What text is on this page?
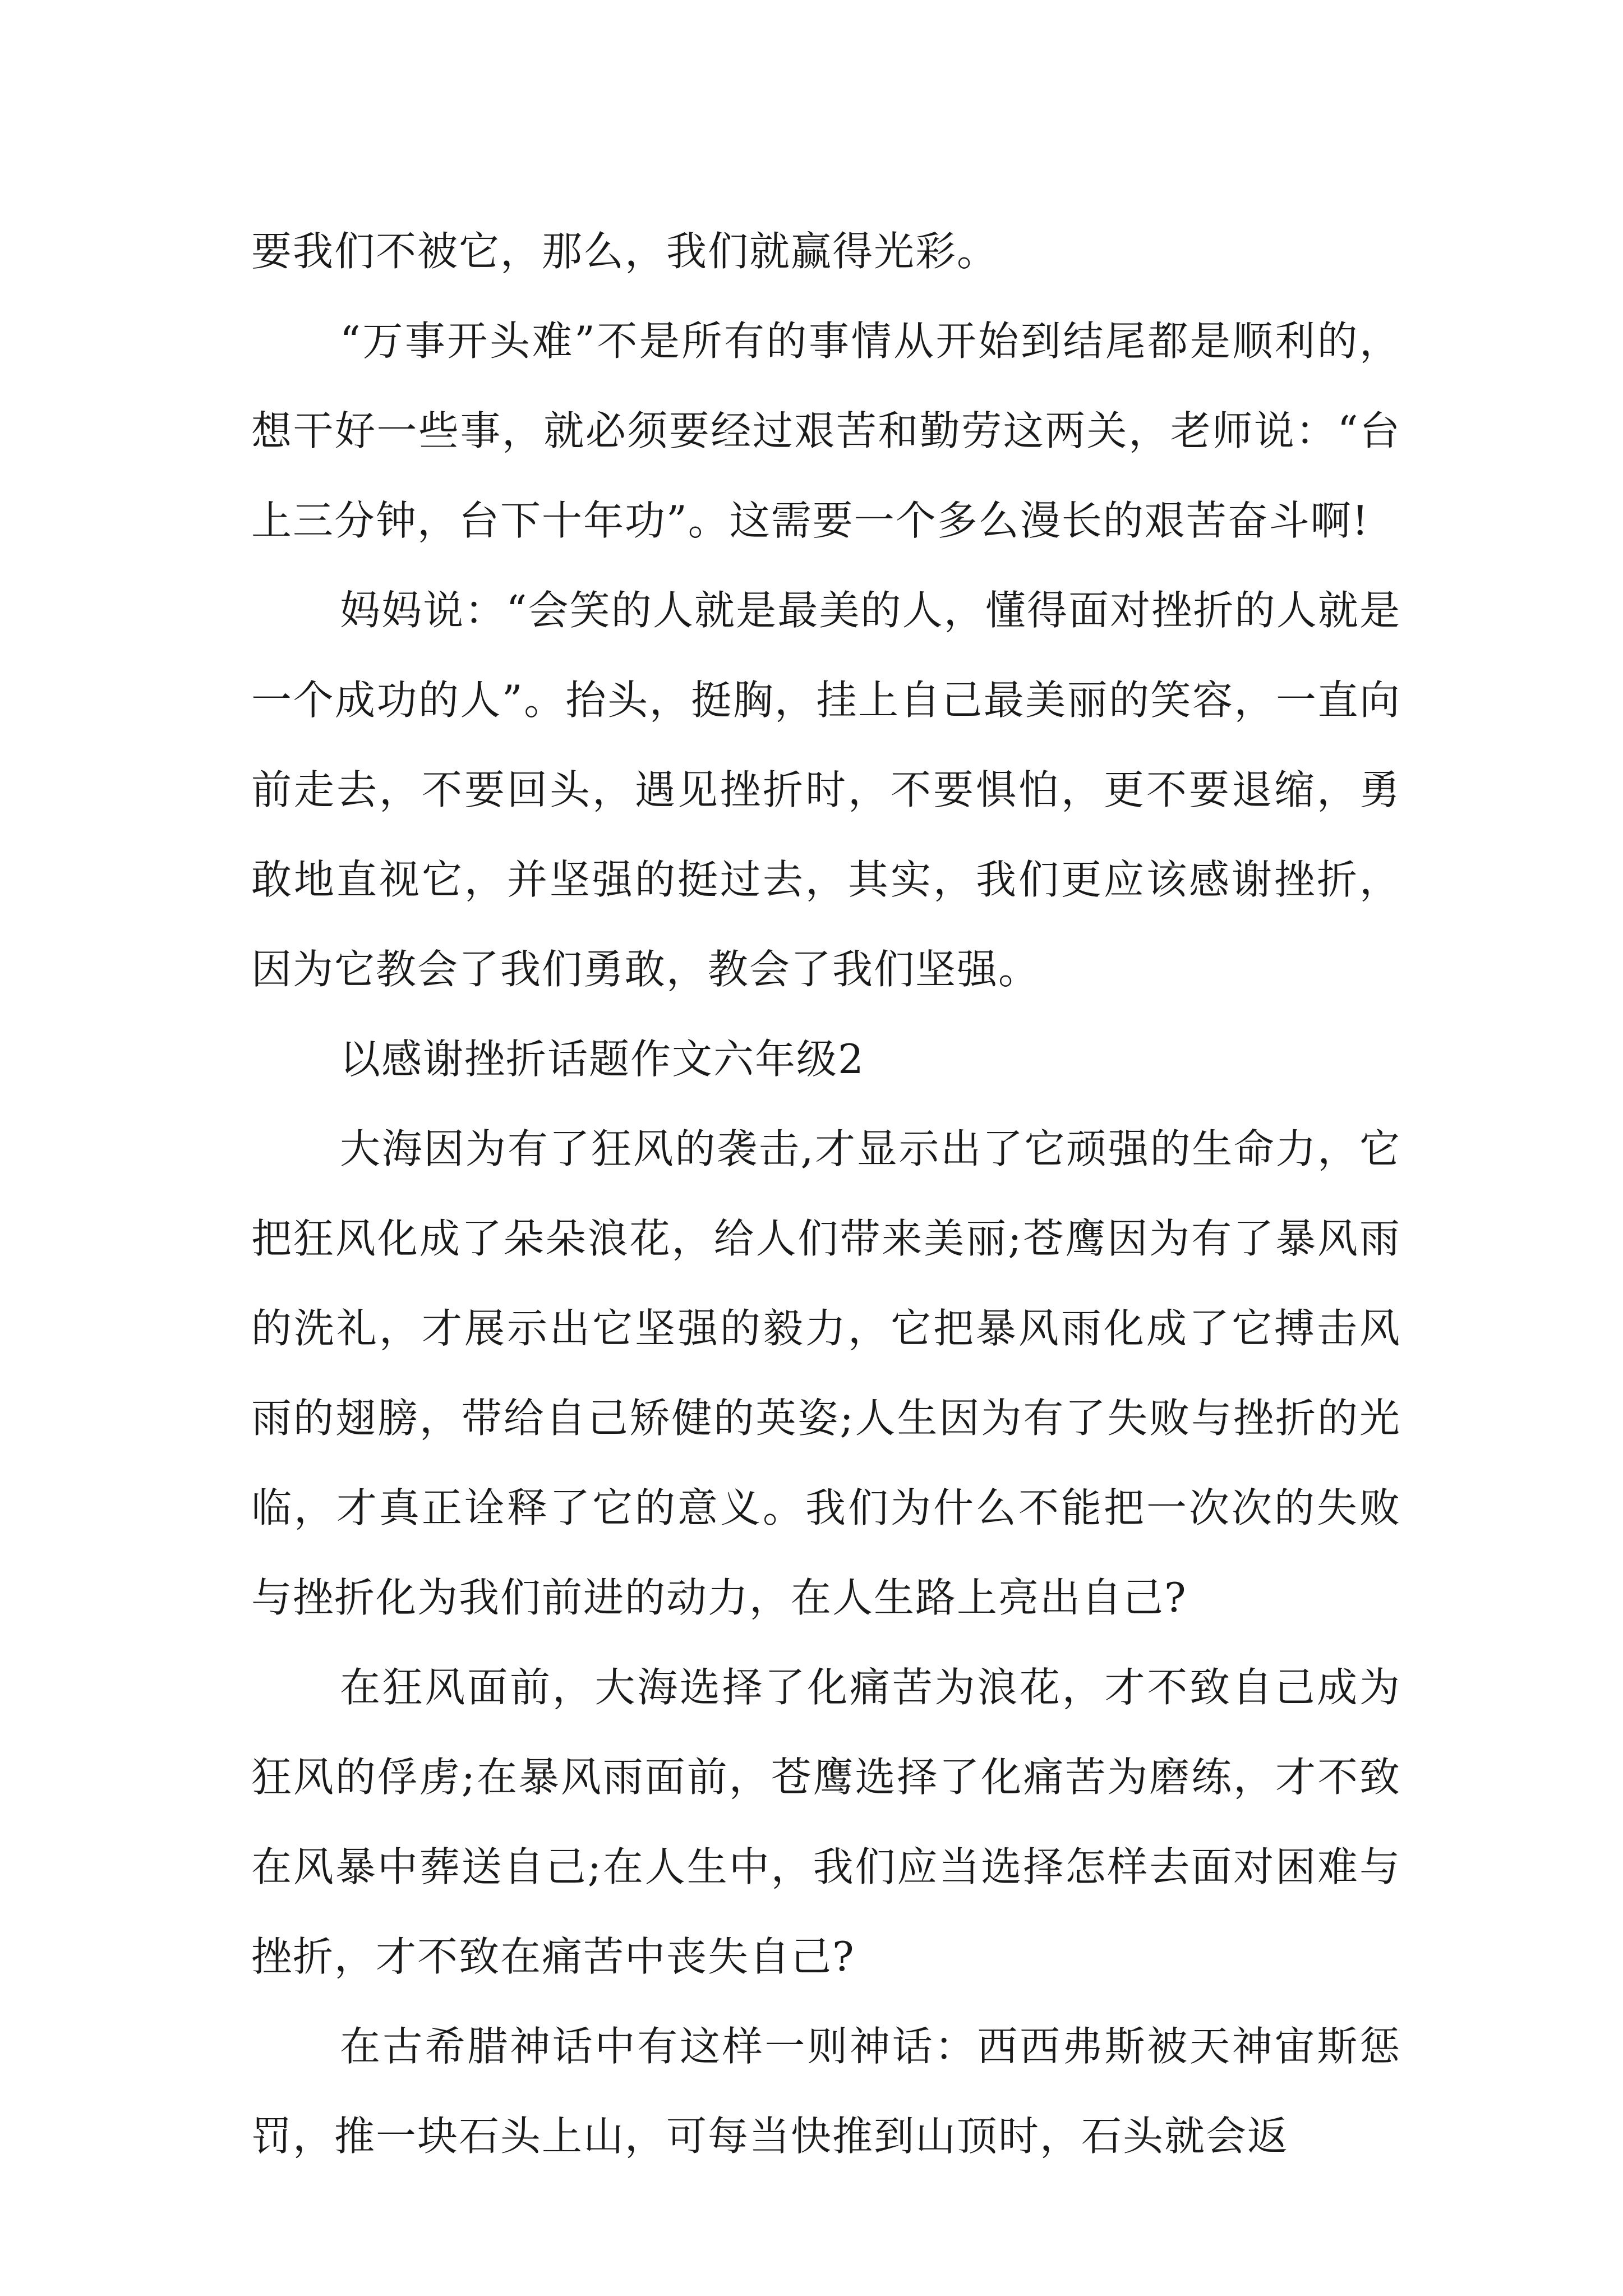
要我们不被它，那么，我们就赢得光彩。

“万事开头难”不是所有的事情从开始到结尾都是顺利的，想干好一些事，就必须要经过艰苦和勤劳这两关，老师说：“台上三分钟，台下十年功”。这需要一个多么漫长的艰苦奋斗啊!

妈妈说：“会笑的人就是最美的人，懂得面对挫折的人就是一个成功的人”。抬头，挺胸，挂上自己最美丽的笑容，一直向前走去，不要回头，遇见挫折时，不要惧怕，更不要退缩，勇敢地直视它，并坚强的挺过去，其实，我们更应该感谢挫折，因为它教会了我们勇敢，教会了我们坚强。

以感谢挫折话题作文六年级2

大海因为有了狂风的袭击,才显示出了它顽强的生命力，它把狂风化成了朵朵浪花，给人们带来美丽;苍鹰因为有了暴风雨的洗礼，才展示出它坚强的毅力，它把暴风雨化成了它搏击风雨的翅膀，带给自己矫健的英姿;人生因为有了失败与挫折的光临，才真正诠释了它的意义。我们为什么不能把一次次的失败与挫折化为我们前进的动力，在人生路上亮出自己?

在狂风面前，大海选择了化痛苦为浪花，才不致自己成为狂风的俘虏;在暴风雨面前，苍鹰选择了化痛苦为磨练，才不致在风暴中葬送自己;在人生中，我们应当选择怎样去面对困难与挫折，才不致在痛苦中丧失自己?

在古希腊神话中有这样一则神话：西西弗斯被天神宙斯惩罚，推一块石头上山，可每当快推到山顶时，石头就会返
